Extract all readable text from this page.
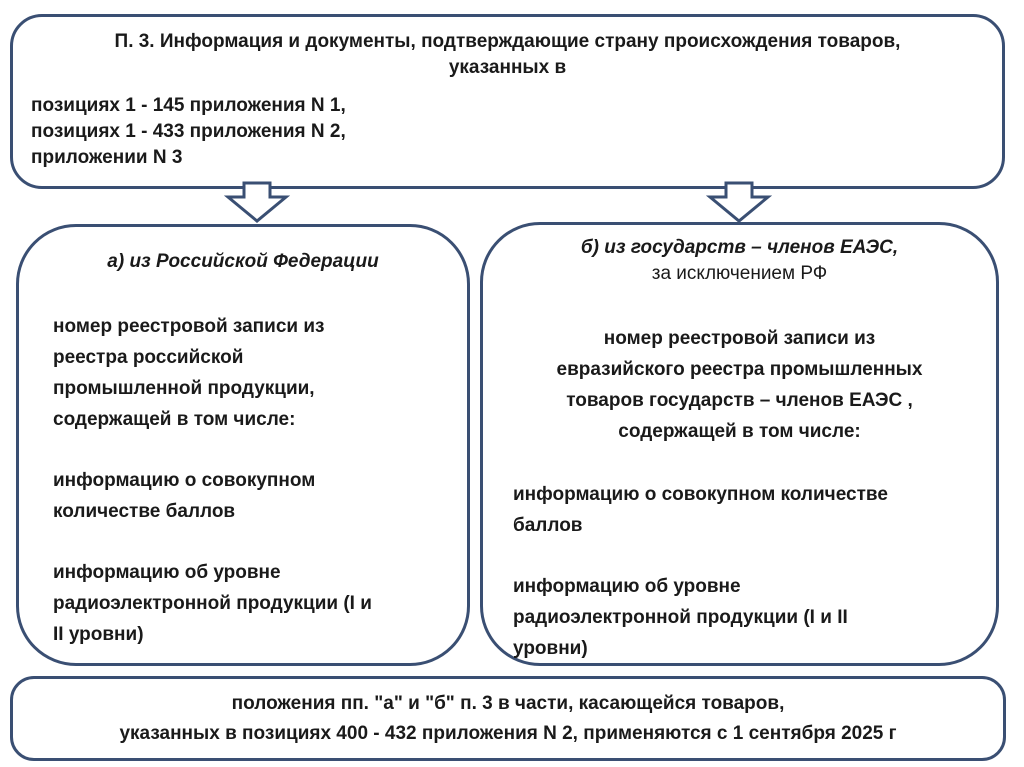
П. 3. Информация и документы, подтверждающие страну происхождения товаров,
указанных в
позициях 1 - 145 приложения N 1,
позициях 1 - 433 приложения N 2,
приложении N 3
а) из Российской Федерации
номер реестровой записи из
реестра российской
промышленной продукции,
содержащей в том числе:
информацию о совокупном
количестве баллов
информацию об уровне
радиоэлектронной продукции (I и
II уровни)
б) из государств – членов ЕАЭС,
за исключением РФ
номер реестровой записи из
евразийского реестра промышленных
товаров государств – членов ЕАЭС ,
содержащей в том числе:
информацию о совокупном количестве
баллов
информацию об уровне
радиоэлектронной продукции (I и II
уровни)
положения пп. "а" и "б" п. 3 в части, касающейся товаров,
указанных в позициях 400 - 432 приложения N 2, применяются с 1 сентября 2025 г
